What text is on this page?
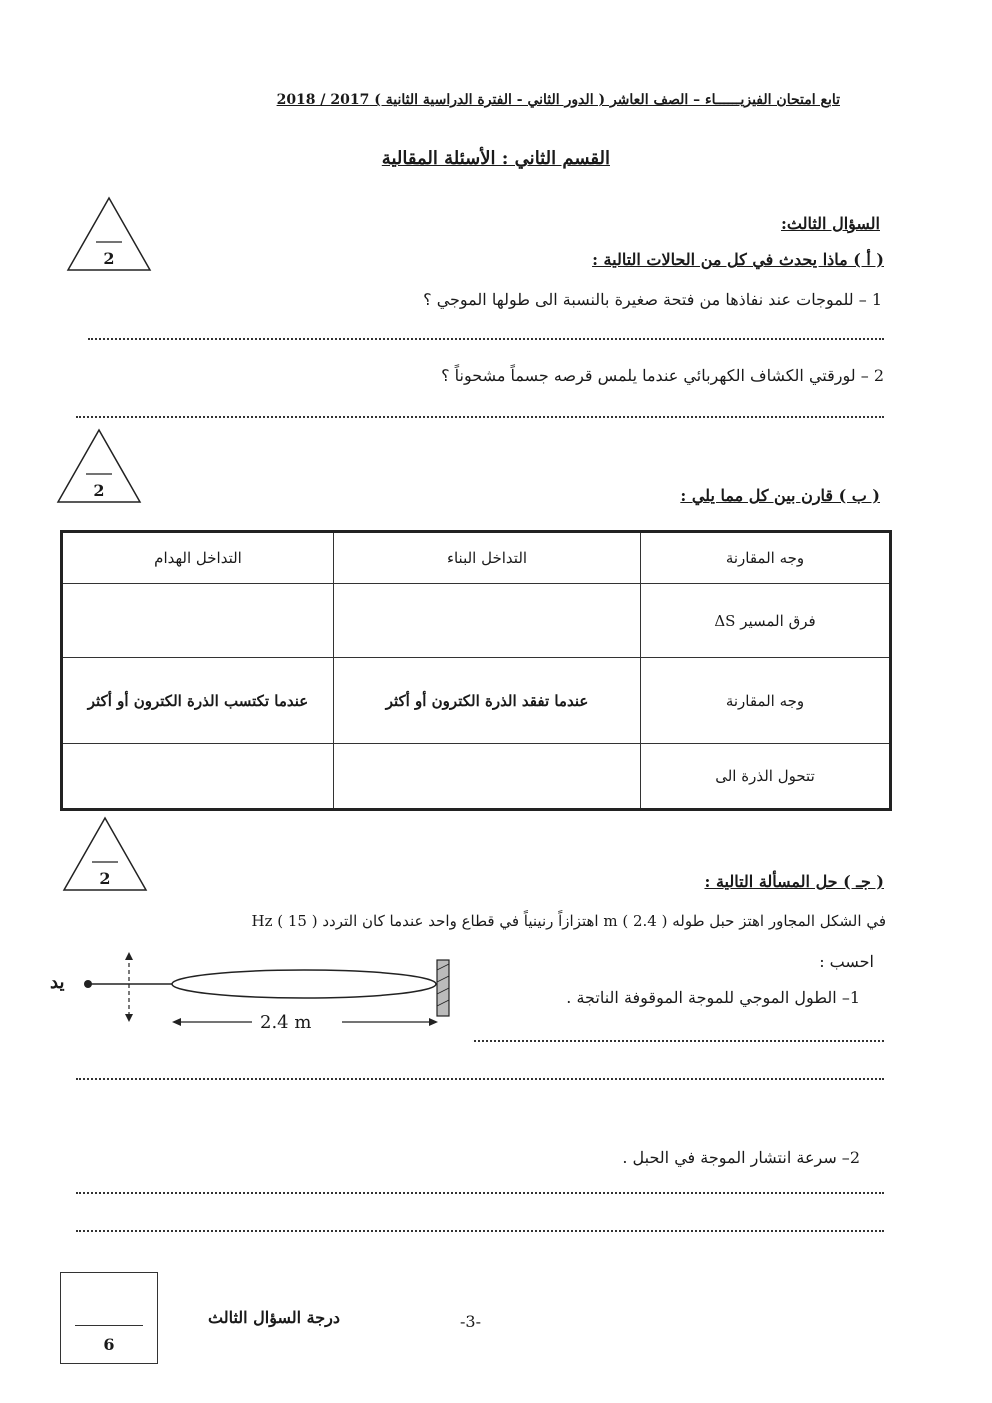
تابع امتحان الفيزيــــــاء – الصف العاشر ( الدور الثاني - الفترة الدراسية الثانية ) 2017 / 2018
القسم الثاني : الأسئلة المقالية
السؤال الثالث:
2	( أ ) ماذا يحدث في كل من الحالات التالية :
1 – للموجات عند نفاذها من فتحة صغيرة بالنسبة الى طولها الموجي ؟
2 – لورقتي الكشاف الكهربائي عندما يلمس قرصه جسماً مشحوناً ؟
2	( ب ) قارن بين كل مما يلي :
وجه المقارنة	التداخل البناء	التداخل الهدام
فرق المسير ΔS		
وجه المقارنة	عندما تفقد الذرة الكترون أو أكثر	عندما تكتسب الذرة الكترون أو أكثر
تتحول الذرة الى		
2	( جـ ) حل المسألة التالية :
في الشكل المجاور اهتز حبل طوله m ( 2.4 ) اهتزازاً رنينياً في قطاع واحد عندما كان التردد Hz ( 15 )
احسب :
يد
2.4 m
1– الطول الموجي للموجة الموقوفة الناتجة .
2– سرعة انتشار الموجة في الحبل .
6
درجة السؤال الثالث	-3-
